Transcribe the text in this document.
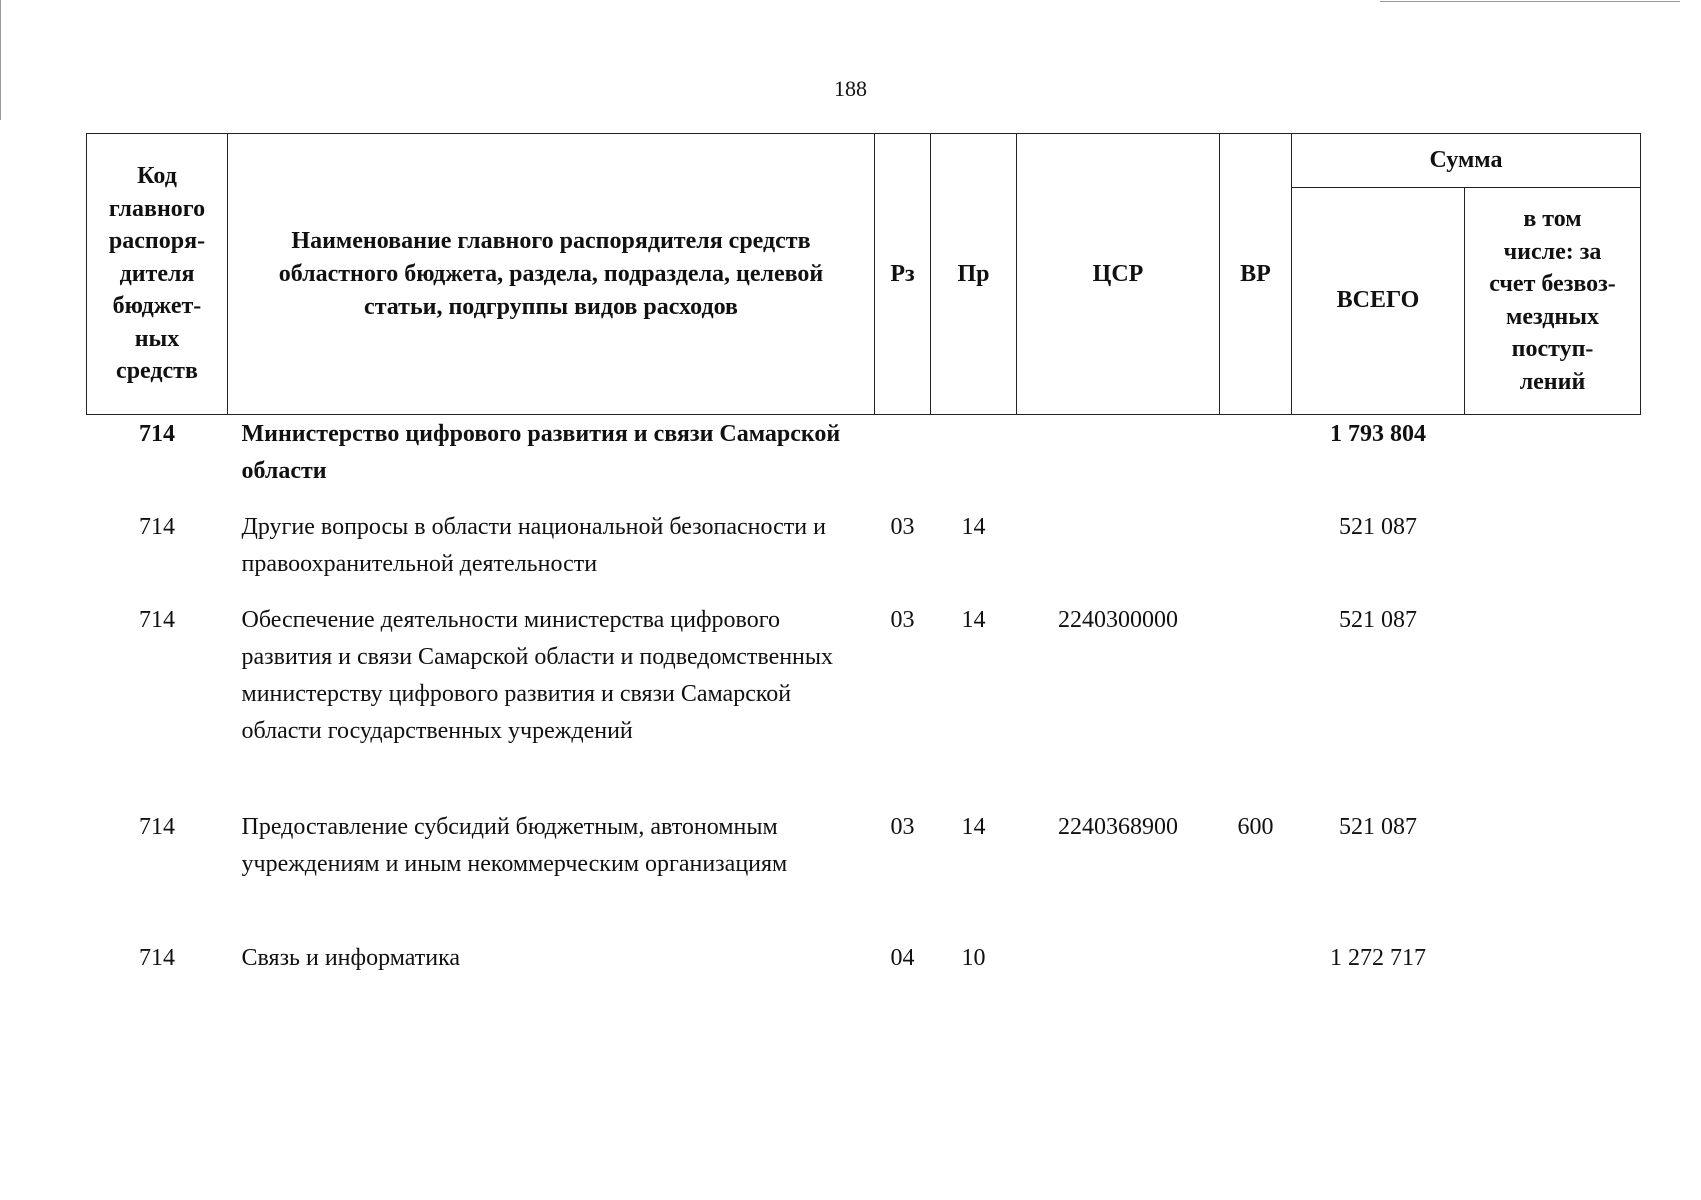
188
Код главного распоря-дителя бюджет-ных средств	Наименование главного распорядителя средств областного бюджета, раздела, подраздела, целевой статьи, подгруппы видов расходов	Рз	Пр	ЦСР	ВР	Сумма	
						ВСЕГО	в том числе: за счет безвоз-мездных поступ-лений
714	Министерство цифрового развития и связи Самарской области					1 793 804	
714	Другие вопросы в области национальной безопасности и правоохранительной деятельности	03	14			521 087	
714	Обеспечение деятельности министерства цифрового развития и связи Самарской области и подведомственных министерству цифрового развития и связи Самарской области государственных учреждений	03	14	2240300000		521 087	
714	Предоставление субсидий бюджетным, автономным учреждениям и иным некоммерческим организациям	03	14	2240368900	600	521 087	
714	Связь и информатика	04	10			1 272 717	
